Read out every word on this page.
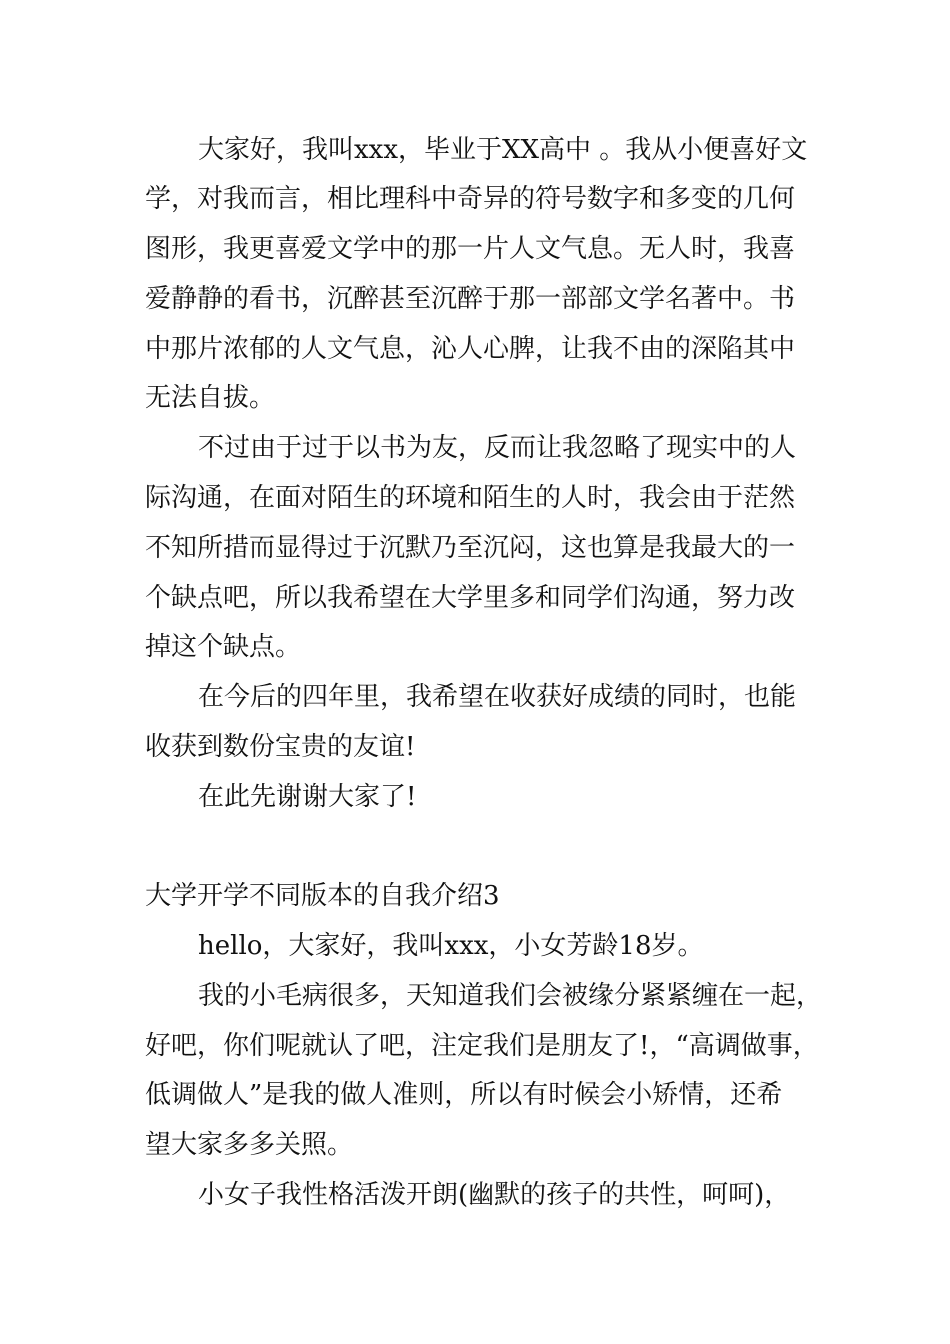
大家好，我叫xxx，毕业于XX高中 。我从小便喜好文
学，对我而言，相比理科中奇异的符号数字和多变的几何
图形，我更喜爱文学中的那一片人文气息。无人时，我喜
爱静静的看书，沉醉甚至沉醉于那一部部文学名著中。书
中那片浓郁的人文气息，沁人心脾，让我不由的深陷其中
无法自拔。
不过由于过于以书为友，反而让我忽略了现实中的人
际沟通，在面对陌生的环境和陌生的人时，我会由于茫然
不知所措而显得过于沉默乃至沉闷，这也算是我最大的一
个缺点吧，所以我希望在大学里多和同学们沟通，努力改
掉这个缺点。
在今后的四年里，我希望在收获好成绩的同时，也能
收获到数份宝贵的友谊!
在此先谢谢大家了!
大学开学不同版本的自我介绍3
hello，大家好，我叫xxx，小女芳龄18岁。
我的小毛病很多，天知道我们会被缘分紧紧缠在一起，
好吧，你们呢就认了吧，注定我们是朋友了!，“高调做事，
低调做人”是我的做人准则，所以有时候会小矫情，还希
望大家多多关照。
小女子我性格活泼开朗(幽默的孩子的共性，呵呵)，
